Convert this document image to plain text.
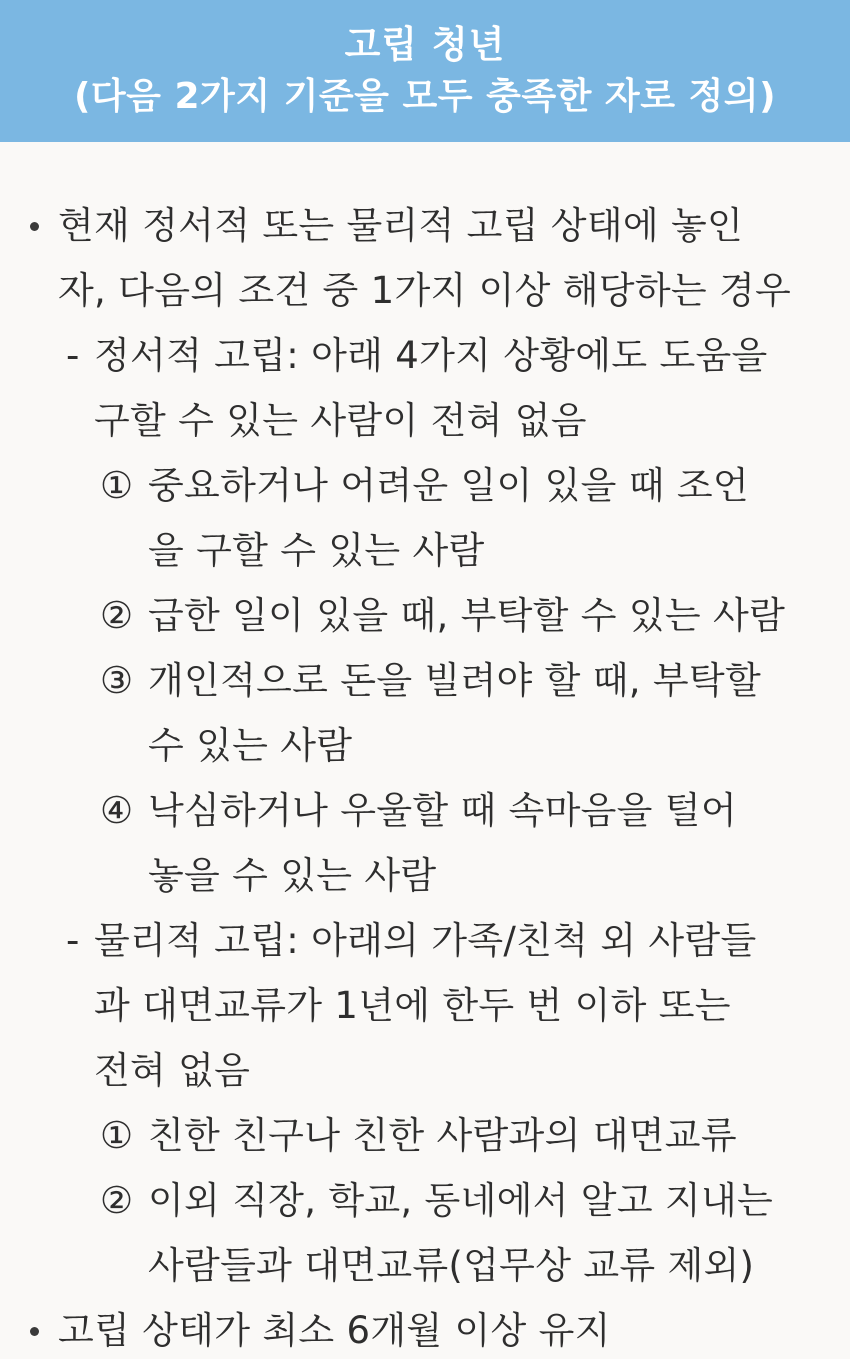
고립 청년
(다음 2가지 기준을 모두 충족한 자로 정의)
현재 정서적 또는 물리적 고립 상태에 놓인
자, 다음의 조건 중 1가지 이상 해당하는 경우
- 정서적 고립: 아래 4가지 상황에도 도움을
구할 수 있는 사람이 전혀 없음
① 중요하거나 어려운 일이 있을 때 조언
을 구할 수 있는 사람
② 급한 일이 있을 때, 부탁할 수 있는 사람
③ 개인적으로 돈을 빌려야 할 때, 부탁할
수 있는 사람
④ 낙심하거나 우울할 때 속마음을 털어
놓을 수 있는 사람
- 물리적 고립: 아래의 가족/친척 외 사람들
과 대면교류가 1년에 한두 번 이하 또는
전혀 없음
① 친한 친구나 친한 사람과의 대면교류
② 이외 직장, 학교, 동네에서 알고 지내는
사람들과 대면교류(업무상 교류 제외)
고립 상태가 최소 6개월 이상 유지
